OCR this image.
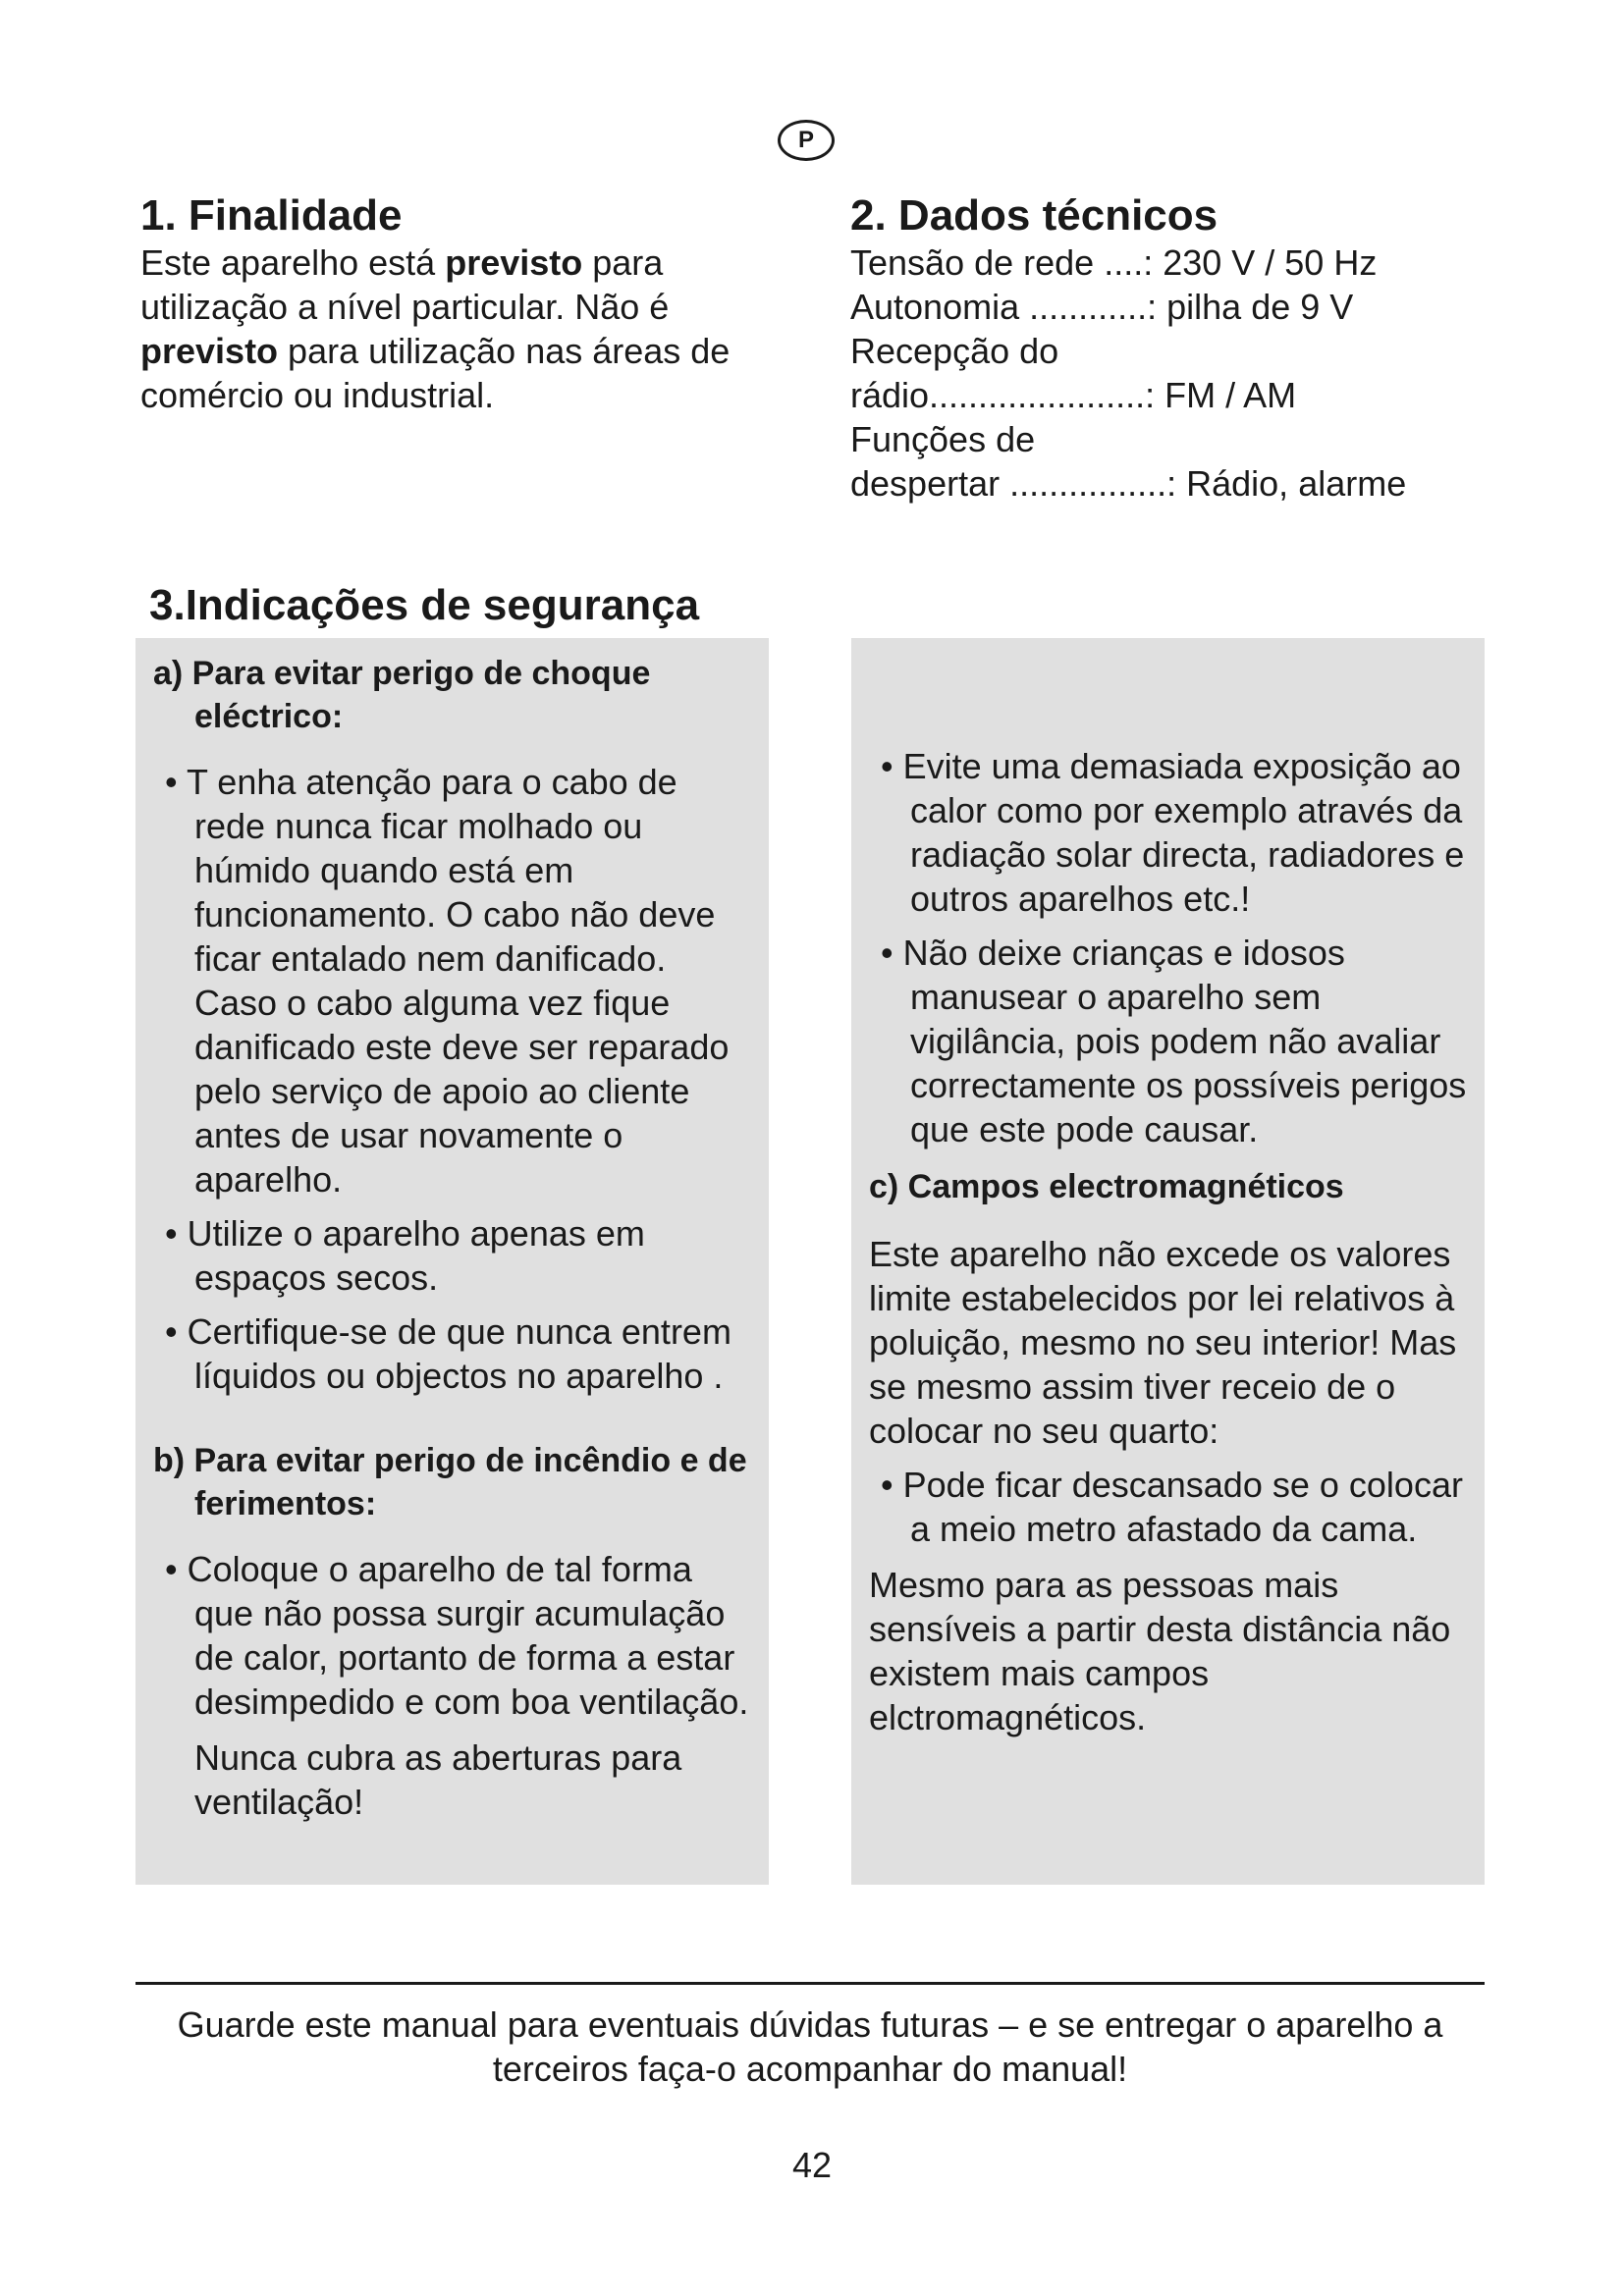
P
1. Finalidade

Este aparelho está previsto para utilização a nível particular. Não é previsto para utilização nas áreas de comércio ou industrial.

2. Dados técnicos
Tensão de rede ....: 230 V / 50 Hz
Autonomia ............: pilha de 9 V
Recepção do
rádio......................: FM / AM
Funções de
despertar ................: Rádio, alarme
3.Indicações de segurança

a) Para evitar perigo de choque eléctrico:

• T enha atenção para o cabo de rede nunca ficar molhado ou húmido quando está em funcionamento. O cabo não deve ficar entalado nem danificado.

Caso o cabo alguma vez fique danificado este deve ser reparado pelo serviço de apoio ao cliente antes de usar novamente o aparelho.

• Utilize o aparelho apenas em espaços secos.

• Certifique-se de que nunca entrem líquidos ou objectos no aparelho .

b) Para evitar perigo de incêndio e de ferimentos:

• Coloque o aparelho de tal forma que não possa surgir acumulação de calor, portanto de forma a estar desimpedido e com boa ventilação.

Nunca cubra as aberturas para ventilação!

• Evite uma demasiada exposição ao calor como por exemplo através da radiação solar directa, radiadores e outros aparelhos etc.!

• Não deixe crianças e idosos manusear o aparelho sem vigilância, pois podem não avaliar correctamente os possíveis perigos que este pode causar.

c) Campos electromagnéticos

Este aparelho não excede os valores limite estabelecidos por lei relativos à poluição, mesmo no seu interior! Mas se mesmo assim tiver receio de o colocar no seu quarto:

• Pode ficar descansado se o colocar a meio metro afastado da cama.

Mesmo para as pessoas mais sensíveis a partir desta distância não existem mais campos elctromagnéticos.

Guarde este manual para eventuais dúvidas futuras – e se entregar o aparelho a terceiros faça-o acompanhar do manual!

42
